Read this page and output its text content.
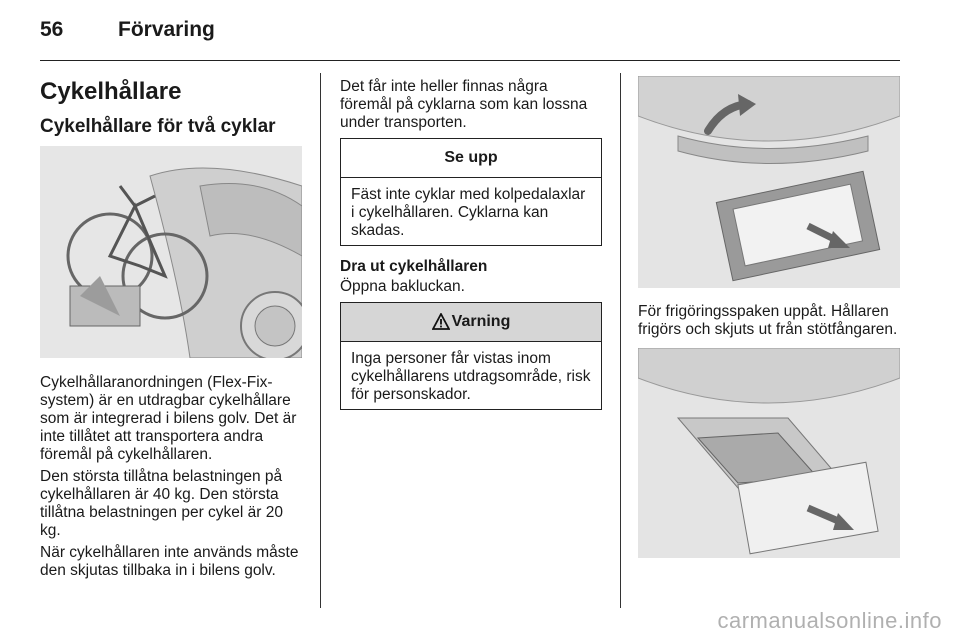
56	Förvaring
Cykelhållare
Cykelhållare för två cyklar

Cykelhållaranordningen (Flex-Fix-system) är en utdragbar cykelhållare som är integrerad i bilens golv. Det är inte tillåtet att transportera andra föremål på cykelhållaren.

Den största tillåtna belastningen på cykelhållaren är 40 kg. Den största tillåtna belastningen per cykel är 20 kg.

När cykelhållaren inte används måste den skjutas tillbaka in i bilens golv.

Det får inte heller finnas några föremål på cyklarna som kan lossna under transporten.

Se upp
Fäst inte cyklar med kolpedalaxlar i cykelhållaren. Cyklarna kan skadas.
Dra ut cykelhållaren

Öppna bakluckan.

Varning
Inga personer får vistas inom cykelhållarens utdragsområde, risk för personskador.

För frigöringsspaken uppåt. Hållaren frigörs och skjuts ut från stötfångaren.

carmanualsonline.info
